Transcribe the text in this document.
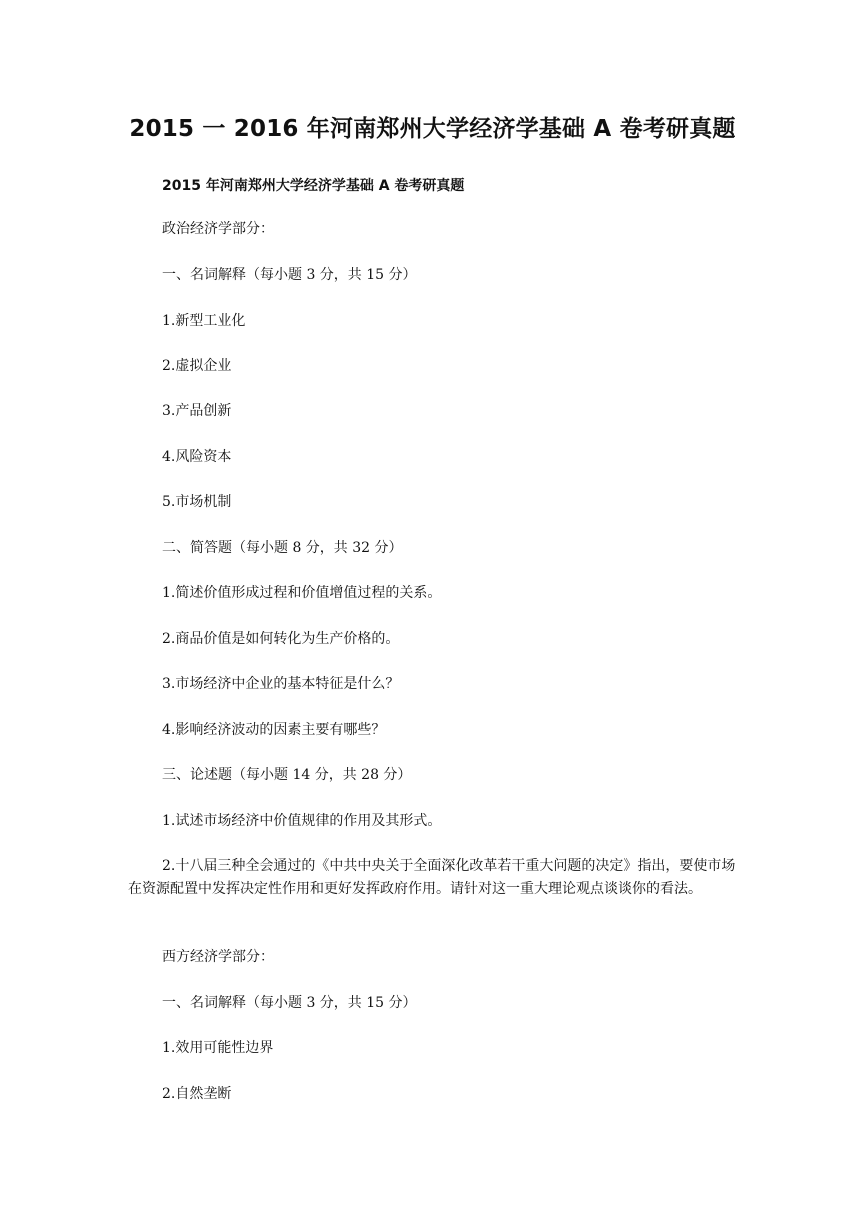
2015 一 2016 年河南郑州大学经济学基础 A 卷考研真题

2015 年河南郑州大学经济学基础 A 卷考研真题

政治经济学部分：

一、名词解释（每小题 3 分，共 15 分）

1.新型工业化

2.虚拟企业

3.产品创新

4.风险资本

5.市场机制

二、简答题（每小题 8 分，共 32 分）

1.简述价值形成过程和价值增值过程的关系。

2.商品价值是如何转化为生产价格的。

3.市场经济中企业的基本特征是什么？

4.影响经济波动的因素主要有哪些？

三、论述题（每小题 14 分，共 28 分）

1.试述市场经济中价值规律的作用及其形式。

2.十八届三种全会通过的《中共中央关于全面深化改革若干重大问题的决定》指出，要使市场在资源配置中发挥决定性作用和更好发挥政府作用。请针对这一重大理论观点谈谈你的看法。

西方经济学部分：

一、名词解释（每小题 3 分，共 15 分）

1.效用可能性边界

2.自然垄断
